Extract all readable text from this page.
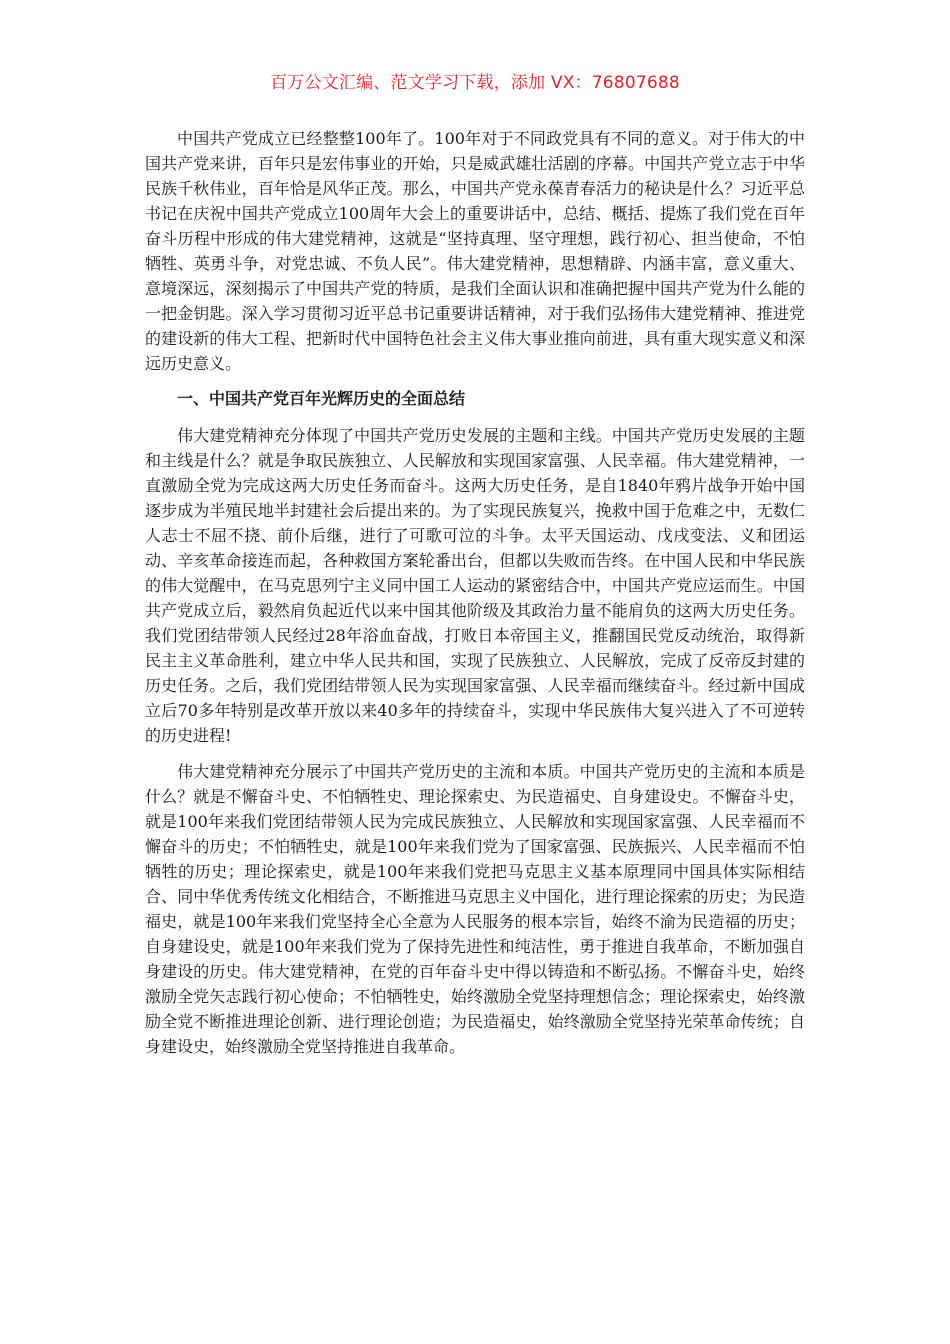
百万公文汇编、范文学习下载，添加 VX：76807688

中国共产党成立已经整整100年了。100年对于不同政党具有不同的意义。对于伟大的中国共产党来讲，百年只是宏伟事业的开始，只是威武雄壮活剧的序幕。中国共产党立志于中华民族千秋伟业，百年恰是风华正茂。那么，中国共产党永葆青春活力的秘诀是什么？习近平总书记在庆祝中国共产党成立100周年大会上的重要讲话中，总结、概括、提炼了我们党在百年奋斗历程中形成的伟大建党精神，这就是“坚持真理、坚守理想，践行初心、担当使命，不怕牺牲、英勇斗争，对党忠诚、不负人民”。伟大建党精神，思想精辟、内涵丰富，意义重大、意境深远，深刻揭示了中国共产党的特质，是我们全面认识和准确把握中国共产党为什么能的一把金钥匙。深入学习贯彻习近平总书记重要讲话精神，对于我们弘扬伟大建党精神、推进党的建设新的伟大工程、把新时代中国特色社会主义伟大事业推向前进，具有重大现实意义和深远历史意义。

一、中国共产党百年光辉历史的全面总结

伟大建党精神充分体现了中国共产党历史发展的主题和主线。中国共产党历史发展的主题和主线是什么？就是争取民族独立、人民解放和实现国家富强、人民幸福。伟大建党精神，一直激励全党为完成这两大历史任务而奋斗。这两大历史任务，是自1840年鸦片战争开始中国逐步成为半殖民地半封建社会后提出来的。为了实现民族复兴，挽救中国于危难之中，无数仁人志士不屈不挠、前仆后继，进行了可歌可泣的斗争。太平天国运动、戊戌变法、义和团运动、辛亥革命接连而起，各种救国方案轮番出台，但都以失败而告终。在中国人民和中华民族的伟大觉醒中，在马克思列宁主义同中国工人运动的紧密结合中，中国共产党应运而生。中国共产党成立后，毅然肩负起近代以来中国其他阶级及其政治力量不能肩负的这两大历史任务。我们党团结带领人民经过28年浴血奋战，打败日本帝国主义，推翻国民党反动统治，取得新民主主义革命胜利，建立中华人民共和国，实现了民族独立、人民解放，完成了反帝反封建的历史任务。之后，我们党团结带领人民为实现国家富强、人民幸福而继续奋斗。经过新中国成立后70多年特别是改革开放以来40多年的持续奋斗，实现中华民族伟大复兴进入了不可逆转的历史进程!

伟大建党精神充分展示了中国共产党历史的主流和本质。中国共产党历史的主流和本质是什么？就是不懈奋斗史、不怕牺牲史、理论探索史、为民造福史、自身建设史。不懈奋斗史，就是100年来我们党团结带领人民为完成民族独立、人民解放和实现国家富强、人民幸福而不懈奋斗的历史；不怕牺牲史，就是100年来我们党为了国家富强、民族振兴、人民幸福而不怕牺牲的历史；理论探索史，就是100年来我们党把马克思主义基本原理同中国具体实际相结合、同中华优秀传统文化相结合，不断推进马克思主义中国化，进行理论探索的历史；为民造福史，就是100年来我们党坚持全心全意为人民服务的根本宗旨，始终不渝为民造福的历史；自身建设史，就是100年来我们党为了保持先进性和纯洁性，勇于推进自我革命，不断加强自身建设的历史。伟大建党精神，在党的百年奋斗史中得以铸造和不断弘扬。不懈奋斗史，始终激励全党矢志践行初心使命；不怕牺牲史，始终激励全党坚持理想信念；理论探索史，始终激励全党不断推进理论创新、进行理论创造；为民造福史，始终激励全党坚持光荣革命传统；自身建设史，始终激励全党坚持推进自我革命。
